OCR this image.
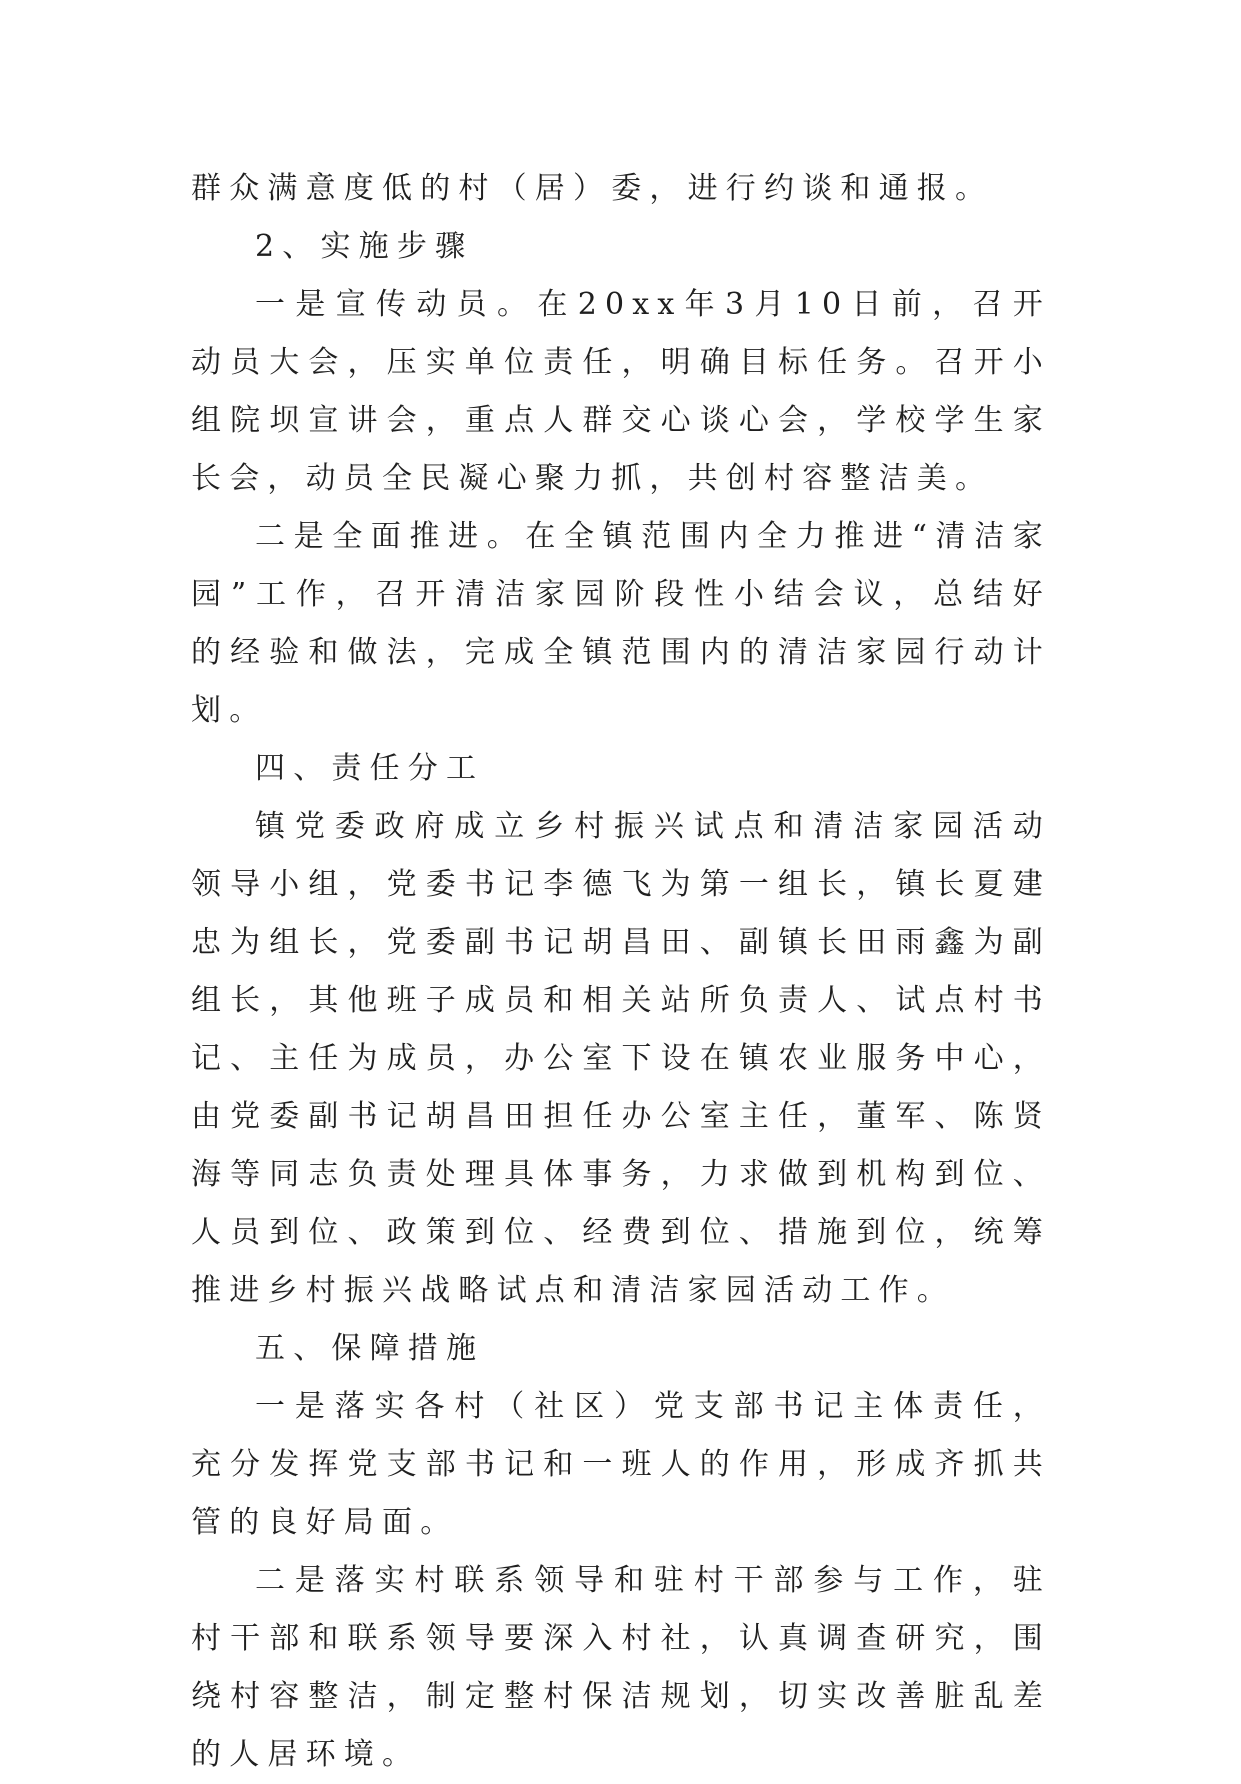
群众满意度低的村（居）委，进行约谈和通报。

2、实施步骤

一是宣传动员。在20xx年3月10日前，召开动员大会，压实单位责任，明确目标任务。召开小组院坝宣讲会，重点人群交心谈心会，学校学生家长会，动员全民凝心聚力抓，共创村容整洁美。

二是全面推进。在全镇范围内全力推进“清洁家园”工作，召开清洁家园阶段性小结会议，总结好的经验和做法，完成全镇范围内的清洁家园行动计划。

四、责任分工

镇党委政府成立乡村振兴试点和清洁家园活动领导小组，党委书记李德飞为第一组长，镇长夏建忠为组长，党委副书记胡昌田、副镇长田雨鑫为副组长，其他班子成员和相关站所负责人、试点村书记、主任为成员，办公室下设在镇农业服务中心，由党委副书记胡昌田担任办公室主任，董军、陈贤海等同志负责处理具体事务，力求做到机构到位、人员到位、政策到位、经费到位、措施到位，统筹推进乡村振兴战略试点和清洁家园活动工作。

五、保障措施

一是落实各村（社区）党支部书记主体责任，充分发挥党支部书记和一班人的作用，形成齐抓共管的良好局面。

二是落实村联系领导和驻村干部参与工作，驻村干部和联系领导要深入村社，认真调查研究，围绕村容整洁，制定整村保洁规划，切实改善脏乱差的人居环境。
